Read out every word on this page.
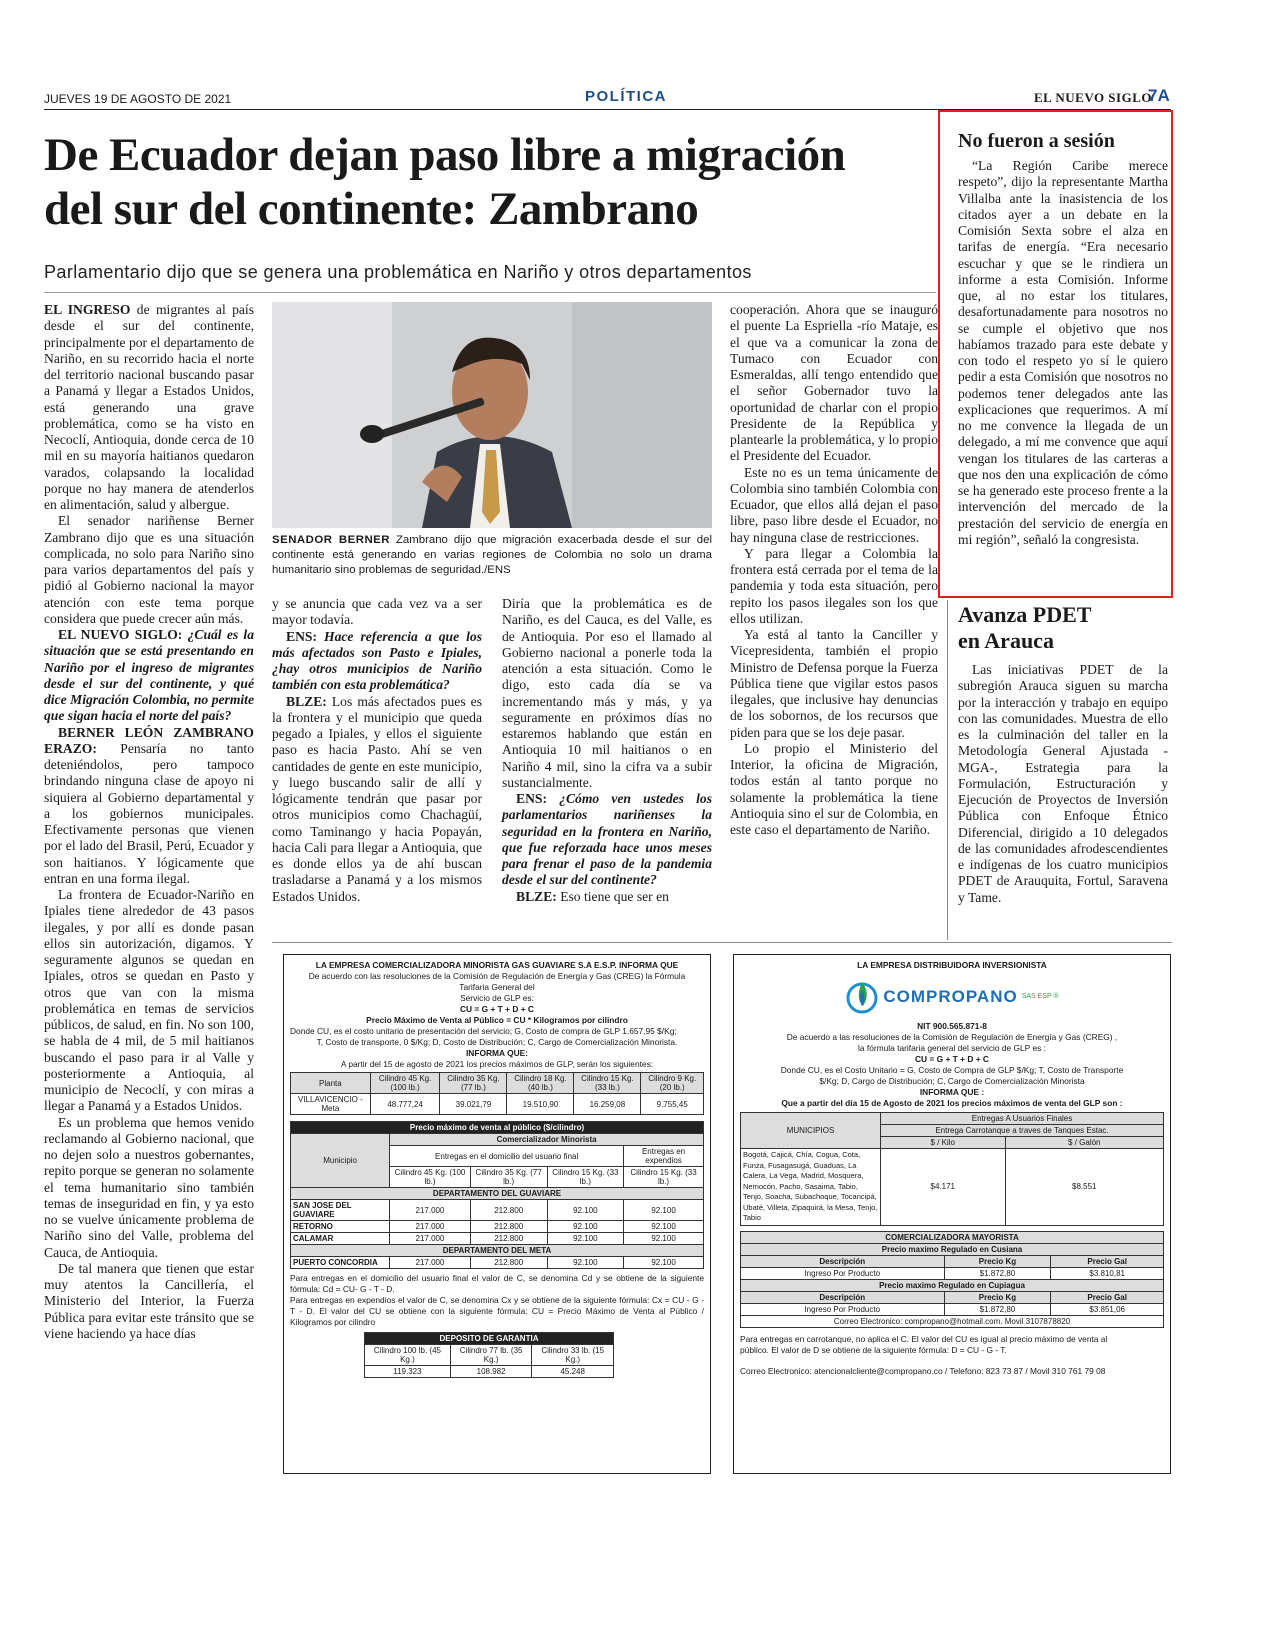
JUEVES 19 DE AGOSTO DE 2021	POLÍTICA	EL NUEVO SIGLO
7A
De Ecuador dejan paso libre a migración
del sur del continente: Zambrano
Parlamentario dijo que se genera una problemática en Nariño y otros departamentos

EL INGRESO de migrantes al país desde el sur del continente, principalmente por el departamento de Nariño, en su recorrido hacia el norte del territorio nacional buscando pasar a Panamá y llegar a Estados Unidos, está generando una grave problemática, como se ha visto en Necoclí, Antioquia, donde cerca de 10 mil en su mayoría haitianos quedaron varados, colapsando la localidad porque no hay manera de atenderlos en alimentación, salud y albergue.

El senador nariñense Berner Zambrano dijo que es una situación complicada, no solo para Nariño sino para varios departamentos del país y pidió al Gobierno nacional la mayor atención con este tema porque considera que puede crecer aún más.

EL NUEVO SIGLO: ¿Cuál es la situación que se está presentando en Nariño por el ingreso de migrantes desde el sur del continente, y qué dice Migración Colombia, no permite que sigan hacia el norte del país?

BERNER LEÓN ZAMBRANO ERAZO: Pensaría no tanto deteniéndolos, pero tampoco brindando ninguna clase de apoyo ni siquiera al Gobierno departamental y a los gobiernos municipales. Efectivamente personas que vienen por el lado del Brasil, Perú, Ecuador y son haitianos. Y lógicamente que entran en una forma ilegal.

La frontera de Ecuador-Nariño en Ipiales tiene alrededor de 43 pasos ilegales, y por allí es donde pasan ellos sin autorización, digamos. Y seguramente algunos se quedan en Ipiales, otros se quedan en Pasto y otros que van con la misma problemática en temas de servicios públicos, de salud, en fin. No son 100, se habla de 4 mil, de 5 mil haitianos buscando el paso para ir al Valle y posteriormente a Antioquia, al municipio de Necoclí, y con miras a llegar a Panamá y a Estados Unidos.

Es un problema que hemos venido reclamando al Gobierno nacional, que no dejen solo a nuestros gobernantes, repito porque se generan no solamente el tema humanitario sino también temas de inseguridad en fin, y ya esto no se vuelve únicamente problema de Nariño sino del Valle, problema del Cauca, de Antioquia.

De tal manera que tienen que estar muy atentos la Cancillería, el Ministerio del Interior, la Fuerza Pública para evitar este tránsito que se viene haciendo ya hace días

SENADOR BERNER Zambrano dijo que migración exacerbada desde el sur del continente está generando en varias regiones de Colombia no solo un drama humanitario sino problemas de seguridad./ENS

y se anuncia que cada vez va a ser mayor todavía.

ENS: Hace referencia a que los más afectados son Pasto e Ipiales, ¿hay otros municipios de Nariño también con esta problemática?

BLZE: Los más afectados pues es la frontera y el municipio que queda pegado a Ipiales, y ellos el siguiente paso es hacia Pasto. Ahí se ven cantidades de gente en este municipio, y luego buscando salir de allí y lógicamente tendrán que pasar por otros municipios como Chachagüí, como Taminango y hacia Popayán, hacia Cali para llegar a Antioquia, que es donde ellos ya de ahí buscan trasladarse a Panamá y a los mismos Estados Unidos.

Diría que la problemática es de Nariño, es del Cauca, es del Valle, es de Antioquia. Por eso el llamado al Gobierno nacional a ponerle toda la atención a esta situación. Como le digo, esto cada día se va incrementando más y más, y ya seguramente en próximos días no estaremos hablando que están en Antioquia 10 mil haitianos o en Nariño 4 mil, sino la cifra va a subir sustancialmente.

ENS: ¿Cómo ven ustedes los parlamentarios nariñenses la seguridad en la frontera en Nariño, que fue reforzada hace unos meses para frenar el paso de la pandemia desde el sur del continente?

BLZE: Eso tiene que ser en

cooperación. Ahora que se inauguró el puente La Espriella -río Mataje, es el que va a comunicar la zona de Tumaco con Ecuador con Esmeraldas, allí tengo entendido que el señor Gobernador tuvo la oportunidad de charlar con el propio Presidente de la República y plantearle la problemática, y lo propio el Presidente del Ecuador.

Este no es un tema únicamente de Colombia sino también Colombia con Ecuador, que ellos allá dejan el paso libre, paso libre desde el Ecuador, no hay ninguna clase de restricciones.

Y para llegar a Colombia la frontera está cerrada por el tema de la pandemia y toda esta situación, pero repito los pasos ilegales son los que ellos utilizan.

Ya está al tanto la Canciller y Vicepresidenta, también el propio Ministro de Defensa porque la Fuerza Pública tiene que vigilar estos pasos ilegales, que inclusive hay denuncias de los sobornos, de los recursos que piden para que se los deje pasar.

Lo propio el Ministerio del Interior, la oficina de Migración, todos están al tanto porque no solamente la problemática la tiene Antioquia sino el sur de Colombia, en este caso el departamento de Nariño.

No fueron a sesión

“La Región Caribe merece respeto”, dijo la representante Martha Villalba ante la inasistencia de los citados ayer a un debate en la Comisión Sexta sobre el alza en tarifas de energía. “Era necesario escuchar y que se le rindiera un informe a esta Comisión. Informe que, al no estar los titulares, desafortunadamente para nosotros no se cumple el objetivo que nos habíamos trazado para este debate y con todo el respeto yo sí le quiero pedir a esta Comisión que nosotros no podemos tener delegados ante las explicaciones que requerimos. A mí no me convence la llegada de un delegado, a mí me convence que aquí vengan los titulares de las carteras a que nos den una explicación de cómo se ha generado este proceso frente a la intervención del mercado de la prestación del servicio de energía en mi región”, señaló la congresista.

Avanza PDET
en Arauca

Las iniciativas PDET de la subregión Arauca siguen su marcha por la interacción y trabajo en equipo con las comunidades. Muestra de ello es la culminación del taller en la Metodología General Ajustada -MGA-, Estrategia para la Formulación, Estructuración y Ejecución de Proyectos de Inversión Pública con Enfoque Étnico Diferencial, dirigido a 10 delegados de las comunidades afrodescendientes e indígenas de los cuatro municipios PDET de Arauquita, Fortul, Saravena y Tame.

LA EMPRESA COMERCIALIZADORA MINORISTA GAS GUAVIARE S.A E.S.P. INFORMA QUE
De acuerdo con las resoluciones de la Comisión de Regulación de Energía y Gas (CREG) la Fórmula
Tarifaria General del
Servicio de GLP es:
CU = G + T + D + C
Precio Máximo de Venta al Público = CU * Kilogramos por cilindro
Donde CU, es el costo unitario de presentación del servicio; G, Costo de compra de GLP 1.657,95 $/Kg;
T, Costo de transporte, 0 $/Kg; D, Costo de Distribución; C, Cargo de Comercialización Minorista.
INFORMA QUE:
A partir del 15 de agosto de 2021 los precios máximos de GLP, serán los siguientes:
Planta	Cilindro 45 Kg. (100 lb.)	Cilindro 35 Kg. (77 lb.)	Cilindro 18 Kg. (40 lb.)	Cilindro 15 Kg. (33 lb.)	Cilindro 9 Kg. (20 lb.)
VILLAVICENCIO - Meta	48.777,24	39.021,79	19.510,90	16.259,08	9.755,45
Precio máximo de venta al público ($/cilindro)				
Municipio	Comercializador Minorista			
	Entregas en el domicilio del usuario final			Entregas en expendios
	Cilindro 45 Kg. (100 lb.)	Cilindro 35 Kg. (77 lb.)	Cilindro 15 Kg. (33 lb.)	Cilindro 15 Kg. (33 lb.)
DEPARTAMENTO DEL GUAVIARE				
SAN JOSE DEL GUAVIARE	217.000	212.800	92.100	92.100
RETORNO	217.000	212.800	92.100	92.100
CALAMAR	217.000	212.800	92.100	92.100
DEPARTAMENTO DEL META				
PUERTO CONCORDIA	217.000	212.800	92.100	92.100
Para entregas en el domicilio del usuario final el valor de C, se denomina Cd y se obtiene de la siguiente fórmula: Cd = CU- G - T - D.
Para entregas en expendios el valor de C, se denomina Cx y se obtiene de la siguiente fórmula: Cx = CU - G - T - D. El valor del CU se obtiene con la siguiente fórmula: CU = Precio Máximo de Venta al Público / Kilogramos por cilindro
DEPOSITO DE GARANTIA		
Cilindro 100 lb. (45 Kg.)	Cilindro 77 lb. (35 Kg.)	Cilindro 33 lb. (15 Kg.)
119.323	108.982	45.248
LA EMPRESA DISTRIBUIDORA INVERSIONISTA
COMPROPANO SAS ESP ®
NIT 900.565.871-8
De acuerdo a las resoluciones de la Comisión de Regulación de Energía y Gas (CREG) ,
la fórmula tarifaria general del servicio de GLP es :
CU = G + T + D + C
Donde CU, es el Costo Unitario = G, Costo de Compra de GLP $/Kg; T, Costo de Transporte
$/Kg; D, Cargo de Distribución; C, Cargo de Comercialización Minorista
INFORMA QUE :
Que a partir del día 15 de Agosto de 2021 los precios máximos de venta del GLP son :
MUNICIPIOS	Entregas A Usuarios Finales	
	Entrega Carrotanque a traves de Tanques Estac.	
	$ / Kilo	$ / Galón
Bogotá, Cajicá, Chía, Cogua, Cota, Funza, Fusagasugá, Guaduas, La Calera, La Vega, Madrid, Mosquera, Nemocón, Pacho, Sasaima, Tabio, Tenjo, Soacha, Subachoque, Tocancipá, Ubaté, Villeta, Zipaquirá, la Mesa, Tenjo, Tabio	$4.171	$8.551
COMERCIALIZADORA MAYORISTA		
Precio maximo Regulado en Cusiana		
Descripción	Precio Kg	Precio Gal
Ingreso Por Producto	$1.872,80	$3.810,81
Precio maximo Regulado en Cupiagua		
Descripción	Precio Kg	Precio Gal
Ingreso Por Producto	$1.872,80	$3.851,06
Correo Electronico: compropano@hotmail.com. Movil 3107878820		
Para entregas en carrotanque, no aplica el C. El valor del CU es igual al precio máximo de venta al público. El valor de D se obtiene de la siguiente fórmula: D = CU - G - T.
Correo Electronico: atencionalcliente@compropano.co / Telefono: 823 73 87 / Movil 310 761 79 08
